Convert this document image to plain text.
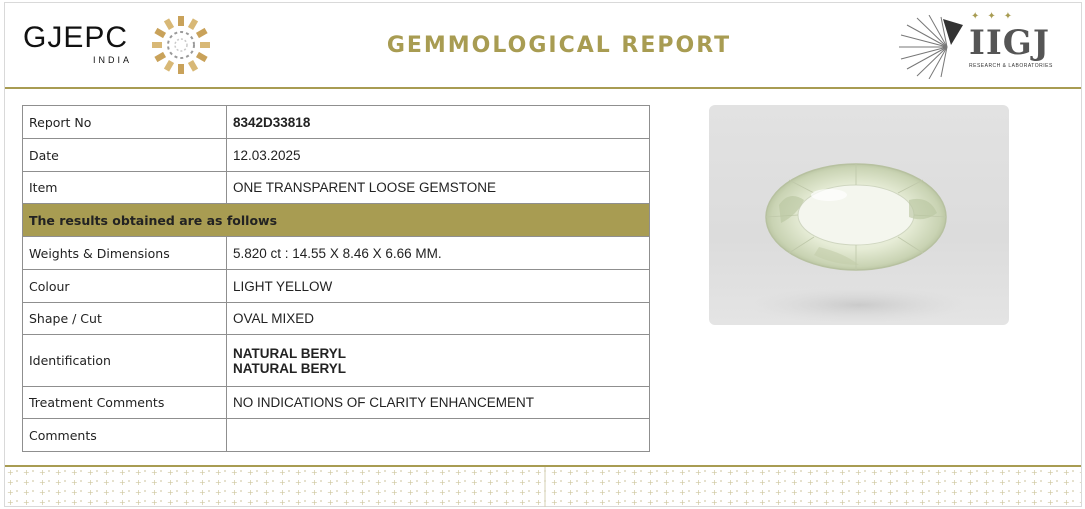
GJEPC
INDIA
GEMMOLOGICAL REPORT
✦✦✦
IIGJ
RESEARCH & LABORATORIES
Report No	8342D33818
Date	12.03.2025
Item	ONE TRANSPARENT LOOSE GEMSTONE
The results obtained are as follows	
Weights & Dimensions	5.820 ct : 14.55 X 8.46 X 6.66 MM.
Colour	LIGHT YELLOW
Shape / Cut	OVAL MIXED
Identification	NATURAL BERYL
NATURAL BERYL

Treatment Comments	NO INDICATIONS OF CLARITY ENHANCEMENT
Comments	
